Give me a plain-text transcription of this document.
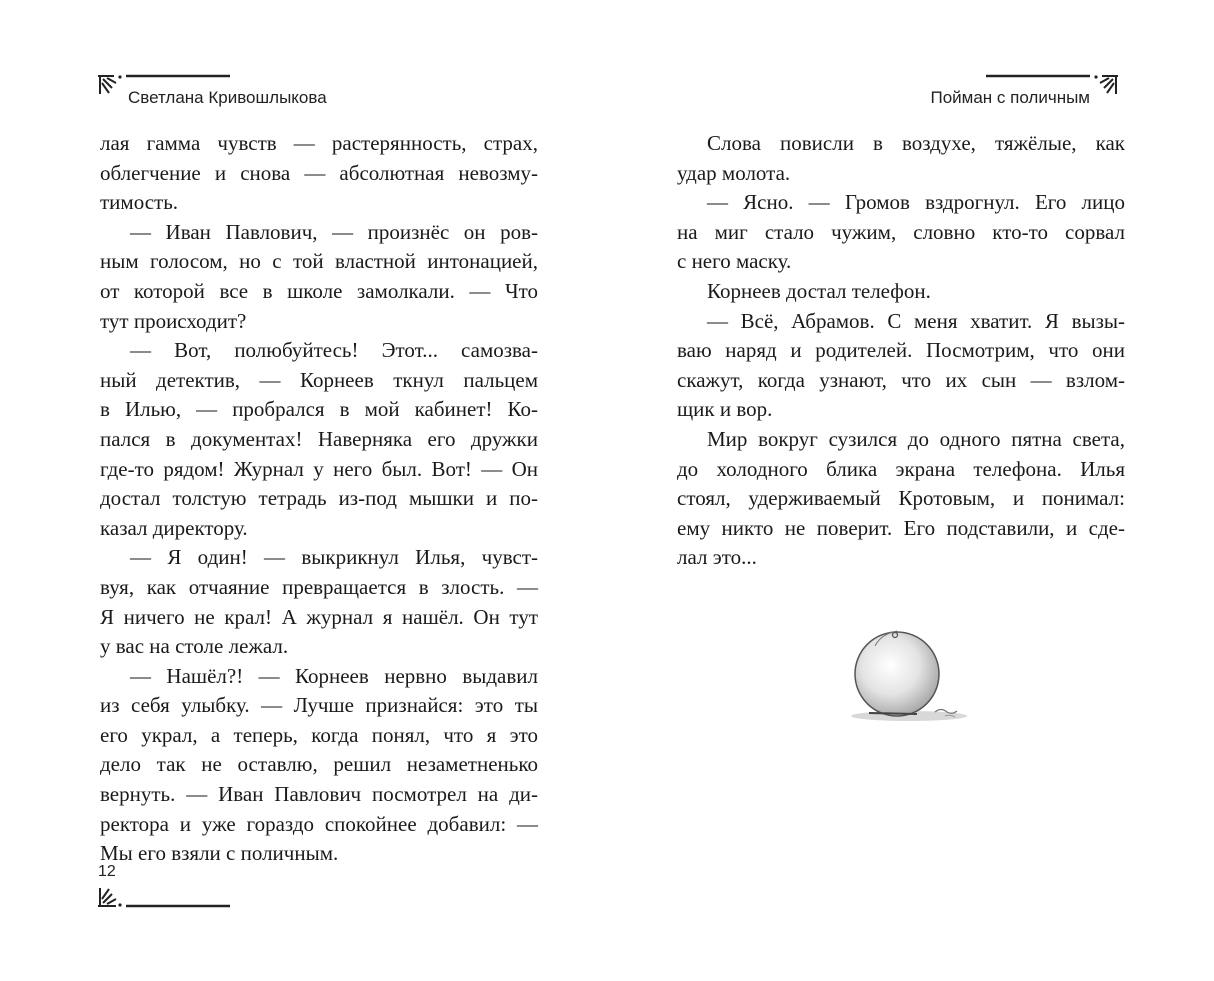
Светлана Кривошлыкова
лая гамма чувств — растерянность, страх,
облегчение и снова — абсолютная невозму-
тимость.
— Иван Павлович, — произнёс он ров-
ным голосом, но с той властной интонацией,
от которой все в школе замолкали. — Что
тут происходит?
— Вот, полюбуйтесь! Этот... самозва-
ный детектив, — Корнеев ткнул пальцем
в Илью, — пробрался в мой кабинет! Ко-
пался в документах! Наверняка его дружки
где-то рядом! Журнал у него был. Вот! — Он
достал толстую тетрадь из-под мышки и по-
казал директору.
— Я один! — выкрикнул Илья, чувст-
вуя, как отчаяние превращается в злость. —
Я ничего не крал! А журнал я нашёл. Он тут
у вас на столе лежал.
— Нашёл?! — Корнеев нервно выдавил
из себя улыбку. — Лучше признайся: это ты
его украл, а теперь, когда понял, что я это
дело так не оставлю, решил незаметненько
вернуть. — Иван Павлович посмотрел на ди-
ректора и уже гораздо спокойнее добавил: —
Мы его взяли с поличным.
12
Пойман с поличным
Слова повисли в воздухе, тяжёлые, как
удар молота.
— Ясно. — Громов вздрогнул. Его лицо
на миг стало чужим, словно кто-то сорвал
с него маску.
Корнеев достал телефон.
— Всё, Абрамов. С меня хватит. Я вызы-
ваю наряд и родителей. Посмотрим, что они
скажут, когда узнают, что их сын — взлом-
щик и вор.
Мир вокруг сузился до одного пятна света,
до холодного блика экрана телефона. Илья
стоял, удерживаемый Кротовым, и понимал:
ему никто не поверит. Его подставили, и сде-
лал это...
